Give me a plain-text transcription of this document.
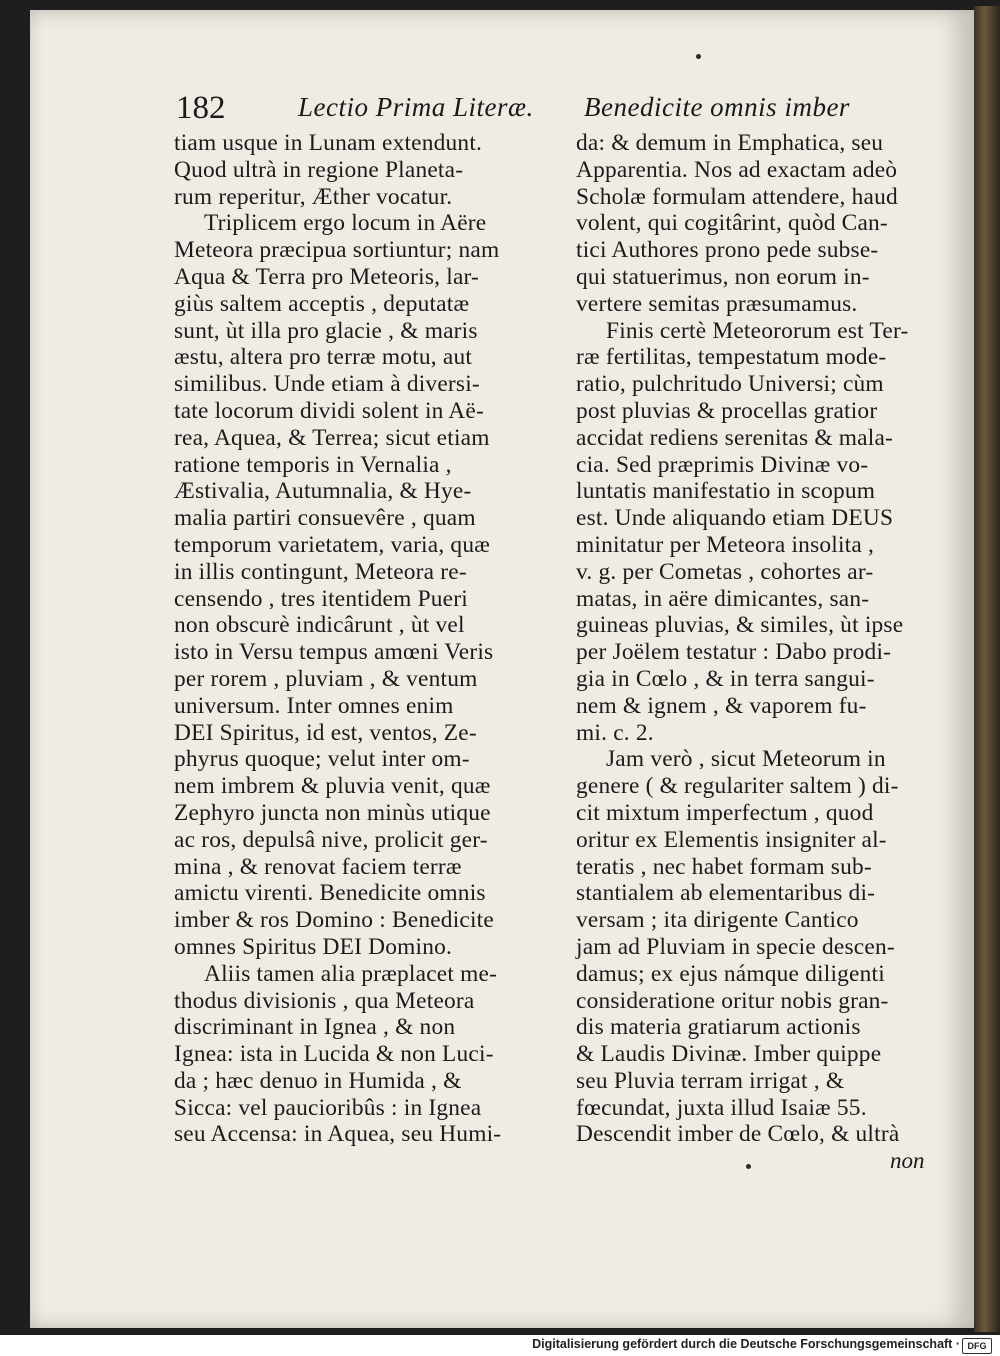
182	Lectio Prima Literæ. Benedicite omnis imber
tiam usque in Lunam extendunt.
Quod ultrà in regione Planeta-
rum reperitur, Æther vocatur.
Triplicem ergo locum in Aëre
Meteora præcipua sortiuntur; nam
Aqua & Terra pro Meteoris, lar-
giùs saltem acceptis , deputatæ
sunt, ùt illa pro glacie , & maris
æstu, altera pro terræ motu, aut
similibus. Unde etiam à diversi-
tate locorum dividi solent in Aë-
rea, Aquea, & Terrea; sicut etiam
ratione temporis in Vernalia ,
Æstivalia, Autumnalia, & Hye-
malia partiri consuevêre , quam
temporum varietatem, varia, quæ
in illis contingunt, Meteora re-
censendo , tres itentidem Pueri
non obscurè indicârunt , ùt vel
isto in Versu tempus amœni Veris
per rorem , pluviam , & ventum
universum. Inter omnes enim
DEI Spiritus, id est, ventos, Ze-
phyrus quoque; velut inter om-
nem imbrem & pluvia venit, quæ
Zephyro juncta non minùs utique
ac ros, depulsâ nive, prolicit ger-
mina , & renovat faciem terræ
amictu virenti. Benedicite omnis
imber & ros Domino : Benedicite
omnes Spiritus DEI Domino.
Aliis tamen alia præplacet me-
thodus divisionis , qua Meteora
discriminant in Ignea , & non
Ignea: ista in Lucida & non Luci-
da ; hæc denuo in Humida , &
Sicca: vel paucioribûs : in Ignea
seu Accensa: in Aquea, seu Humi-
da: & demum in Emphatica, seu
Apparentia. Nos ad exactam adeò
Scholæ formulam attendere, haud
volent, qui cogitârint, quòd Can-
tici Authores prono pede subse-
qui statuerimus, non eorum in-
vertere semitas præsumamus.
Finis certè Meteororum est Ter-
ræ fertilitas, tempestatum mode-
ratio, pulchritudo Universi; cùm
post pluvias & procellas gratior
accidat rediens serenitas & mala-
cia. Sed præprimis Divinæ vo-
luntatis manifestatio in scopum
est. Unde aliquando etiam DEUS
minitatur per Meteora insolita ,
v. g. per Cometas , cohortes ar-
matas, in aëre dimicantes, san-
guineas pluvias, & similes, ùt ipse
per Joëlem testatur : Dabo prodi-
gia in Cœlo , & in terra sangui-
nem & ignem , & vaporem fu-
mi. c. 2.
Jam verò , sicut Meteorum in
genere ( & regulariter saltem ) di-
cit mixtum imperfectum , quod
oritur ex Elementis insigniter al-
teratis , nec habet formam sub-
stantialem ab elementaribus di-
versam ; ita dirigente Cantico
jam ad Pluviam in specie descen-
damus; ex ejus námque diligenti
consideratione oritur nobis gran-
dis materia gratiarum actionis
& Laudis Divinæ. Imber quippe
seu Pluvia terram irrigat , &
fœcundat, juxta illud Isaiæ 55.
Descendit imber de Cœlo, & ultrà
non
Digitalisierung gefördert durch die Deutsche Forschungsgemeinschaft · DFG
